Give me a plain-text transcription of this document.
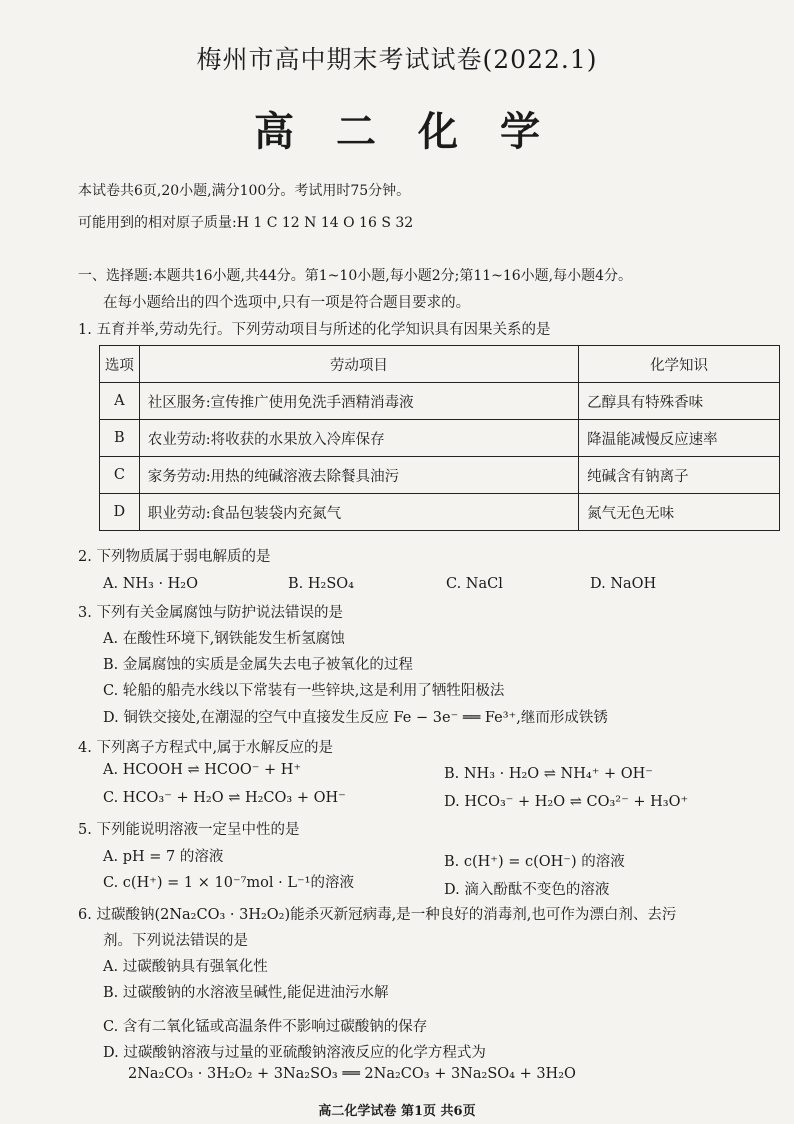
梅州市高中期末考试试卷(2022.1)
高二化学
本试卷共6页,20小题,满分100分。考试用时75分钟。
可能用到的相对原子质量:H 1 C 12 N 14 O 16 S 32
一、选择题:本题共16小题,共44分。第1~10小题,每小题2分;第11~16小题,每小题4分。
在每小题给出的四个选项中,只有一项是符合题目要求的。
1. 五育并举,劳动先行。下列劳动项目与所述的化学知识具有因果关系的是
选项	劳动项目	化学知识
A	社区服务:宣传推广使用免洗手酒精消毒液	乙醇具有特殊香味
B	农业劳动:将收获的水果放入冷库保存	降温能减慢反应速率
C	家务劳动:用热的纯碱溶液去除餐具油污	纯碱含有钠离子
D	职业劳动:食品包装袋内充氮气	氮气无色无味
2. 下列物质属于弱电解质的是
A. NH₃ · H₂O	B. H₂SO₄	C. NaCl	D. NaOH
3. 下列有关金属腐蚀与防护说法错误的是
A. 在酸性环境下,钢铁能发生析氢腐蚀
B. 金属腐蚀的实质是金属失去电子被氧化的过程
C. 轮船的船壳水线以下常装有一些锌块,这是利用了牺牲阳极法
D. 铜铁交接处,在潮湿的空气中直接发生反应 Fe − 3e⁻ ══ Fe³⁺,继而形成铁锈
4. 下列离子方程式中,属于水解反应的是
A. HCOOH ⇌ HCOO⁻ + H⁺	B. NH₃ · H₂O ⇌ NH₄⁺ + OH⁻
C. HCO₃⁻ + H₂O ⇌ H₂CO₃ + OH⁻	D. HCO₃⁻ + H₂O ⇌ CO₃²⁻ + H₃O⁺
5. 下列能说明溶液一定呈中性的是
A. pH = 7 的溶液	B. c(H⁺) = c(OH⁻) 的溶液
C. c(H⁺) = 1 × 10⁻⁷mol · L⁻¹的溶液	D. 滴入酚酞不变色的溶液
6. 过碳酸钠(2Na₂CO₃ · 3H₂O₂)能杀灭新冠病毒,是一种良好的消毒剂,也可作为漂白剂、去污
剂。下列说法错误的是
A. 过碳酸钠具有强氧化性
B. 过碳酸钠的水溶液呈碱性,能促进油污水解
C. 含有二氧化锰或高温条件不影响过碳酸钠的保存
D. 过碳酸钠溶液与过量的亚硫酸钠溶液反应的化学方程式为
2Na₂CO₃ · 3H₂O₂ + 3Na₂SO₃ ══ 2Na₂CO₃ + 3Na₂SO₄ + 3H₂O
高二化学试卷 第1页 共6页
